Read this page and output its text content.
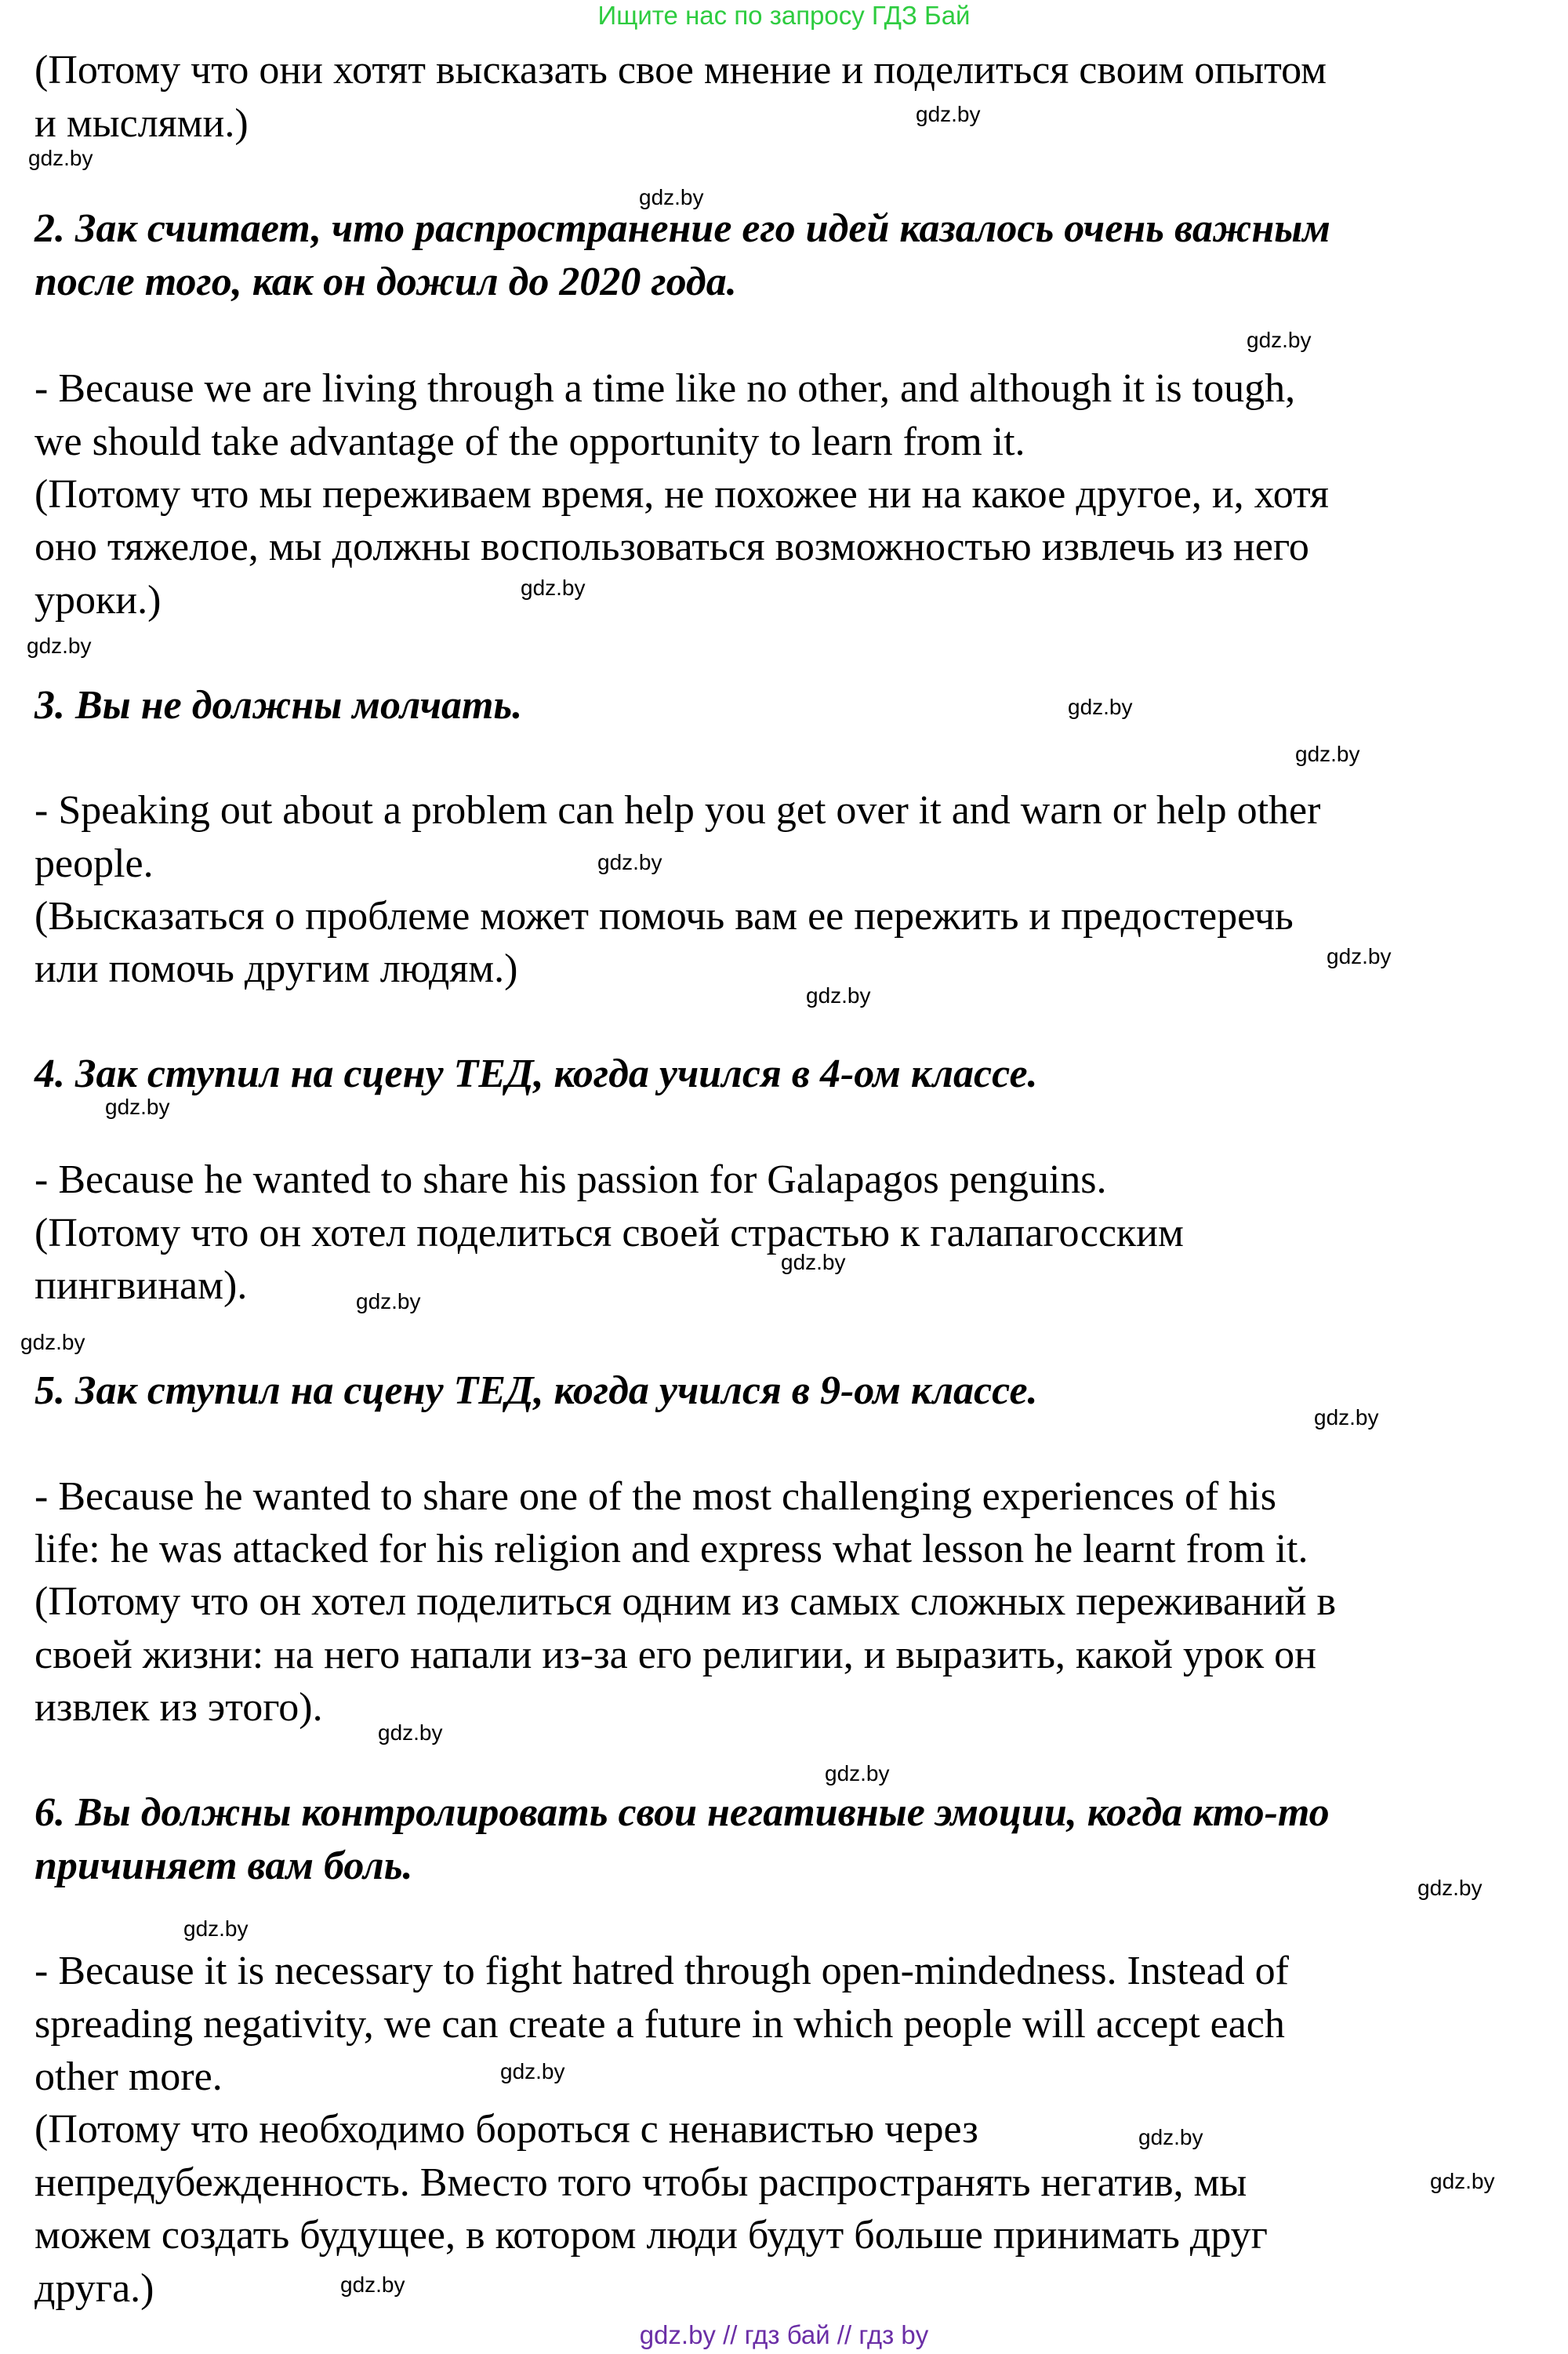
Ищите нас по запросу ГДЗ Бай
(Потому что они хотят высказать свое мнение и поделиться своим опытом
и мыслями.)
2. Зак считает, что распространение его идей казалось очень важным
после того, как он дожил до 2020 года.
- Because we are living through a time like no other, and although it is tough,
we should take advantage of the opportunity to learn from it.
(Потому что мы переживаем время, не похожее ни на какое другое, и, хотя
оно тяжелое, мы должны воспользоваться возможностью извлечь из него
уроки.)
3. Вы не должны молчать.
- Speaking out about a problem can help you get over it and warn or help other
people.
(Высказаться о проблеме может помочь вам ее пережить и предостеречь
или помочь другим людям.)
4. Зак ступил на сцену ТЕД, когда учился в 4-ом классе.
- Because he wanted to share his passion for Galapagos penguins.
(Потому что он хотел поделиться своей страстью к галапагосским
пингвинам).
5. Зак ступил на сцену ТЕД, когда учился в 9-ом классе.
- Because he wanted to share one of the most challenging experiences of his
life: he was attacked for his religion and express what lesson he learnt from it.
(Потому что он хотел поделиться одним из самых сложных переживаний в
своей жизни: на него напали из-за его религии, и выразить, какой урок он
извлек из этого).
6. Вы должны контролировать свои негативные эмоции, когда кто-то
причиняет вам боль.
- Because it is necessary to fight hatred through open-mindedness. Instead of
spreading negativity, we can create a future in which people will accept each
other more.
(Потому что необходимо бороться с ненавистью через
непредубежденность. Вместо того чтобы распространять негатив, мы
можем создать будущее, в котором люди будут больше принимать друг
друга.)
gdz.by
gdz.by
gdz.by
gdz.by
gdz.by
gdz.by
gdz.by
gdz.by
gdz.by
gdz.by
gdz.by
gdz.by
gdz.by
gdz.by
gdz.by
gdz.by
gdz.by
gdz.by
gdz.by
gdz.by
gdz.by
gdz.by
gdz.by
gdz.by
gdz.by // гдз бай // гдз by
